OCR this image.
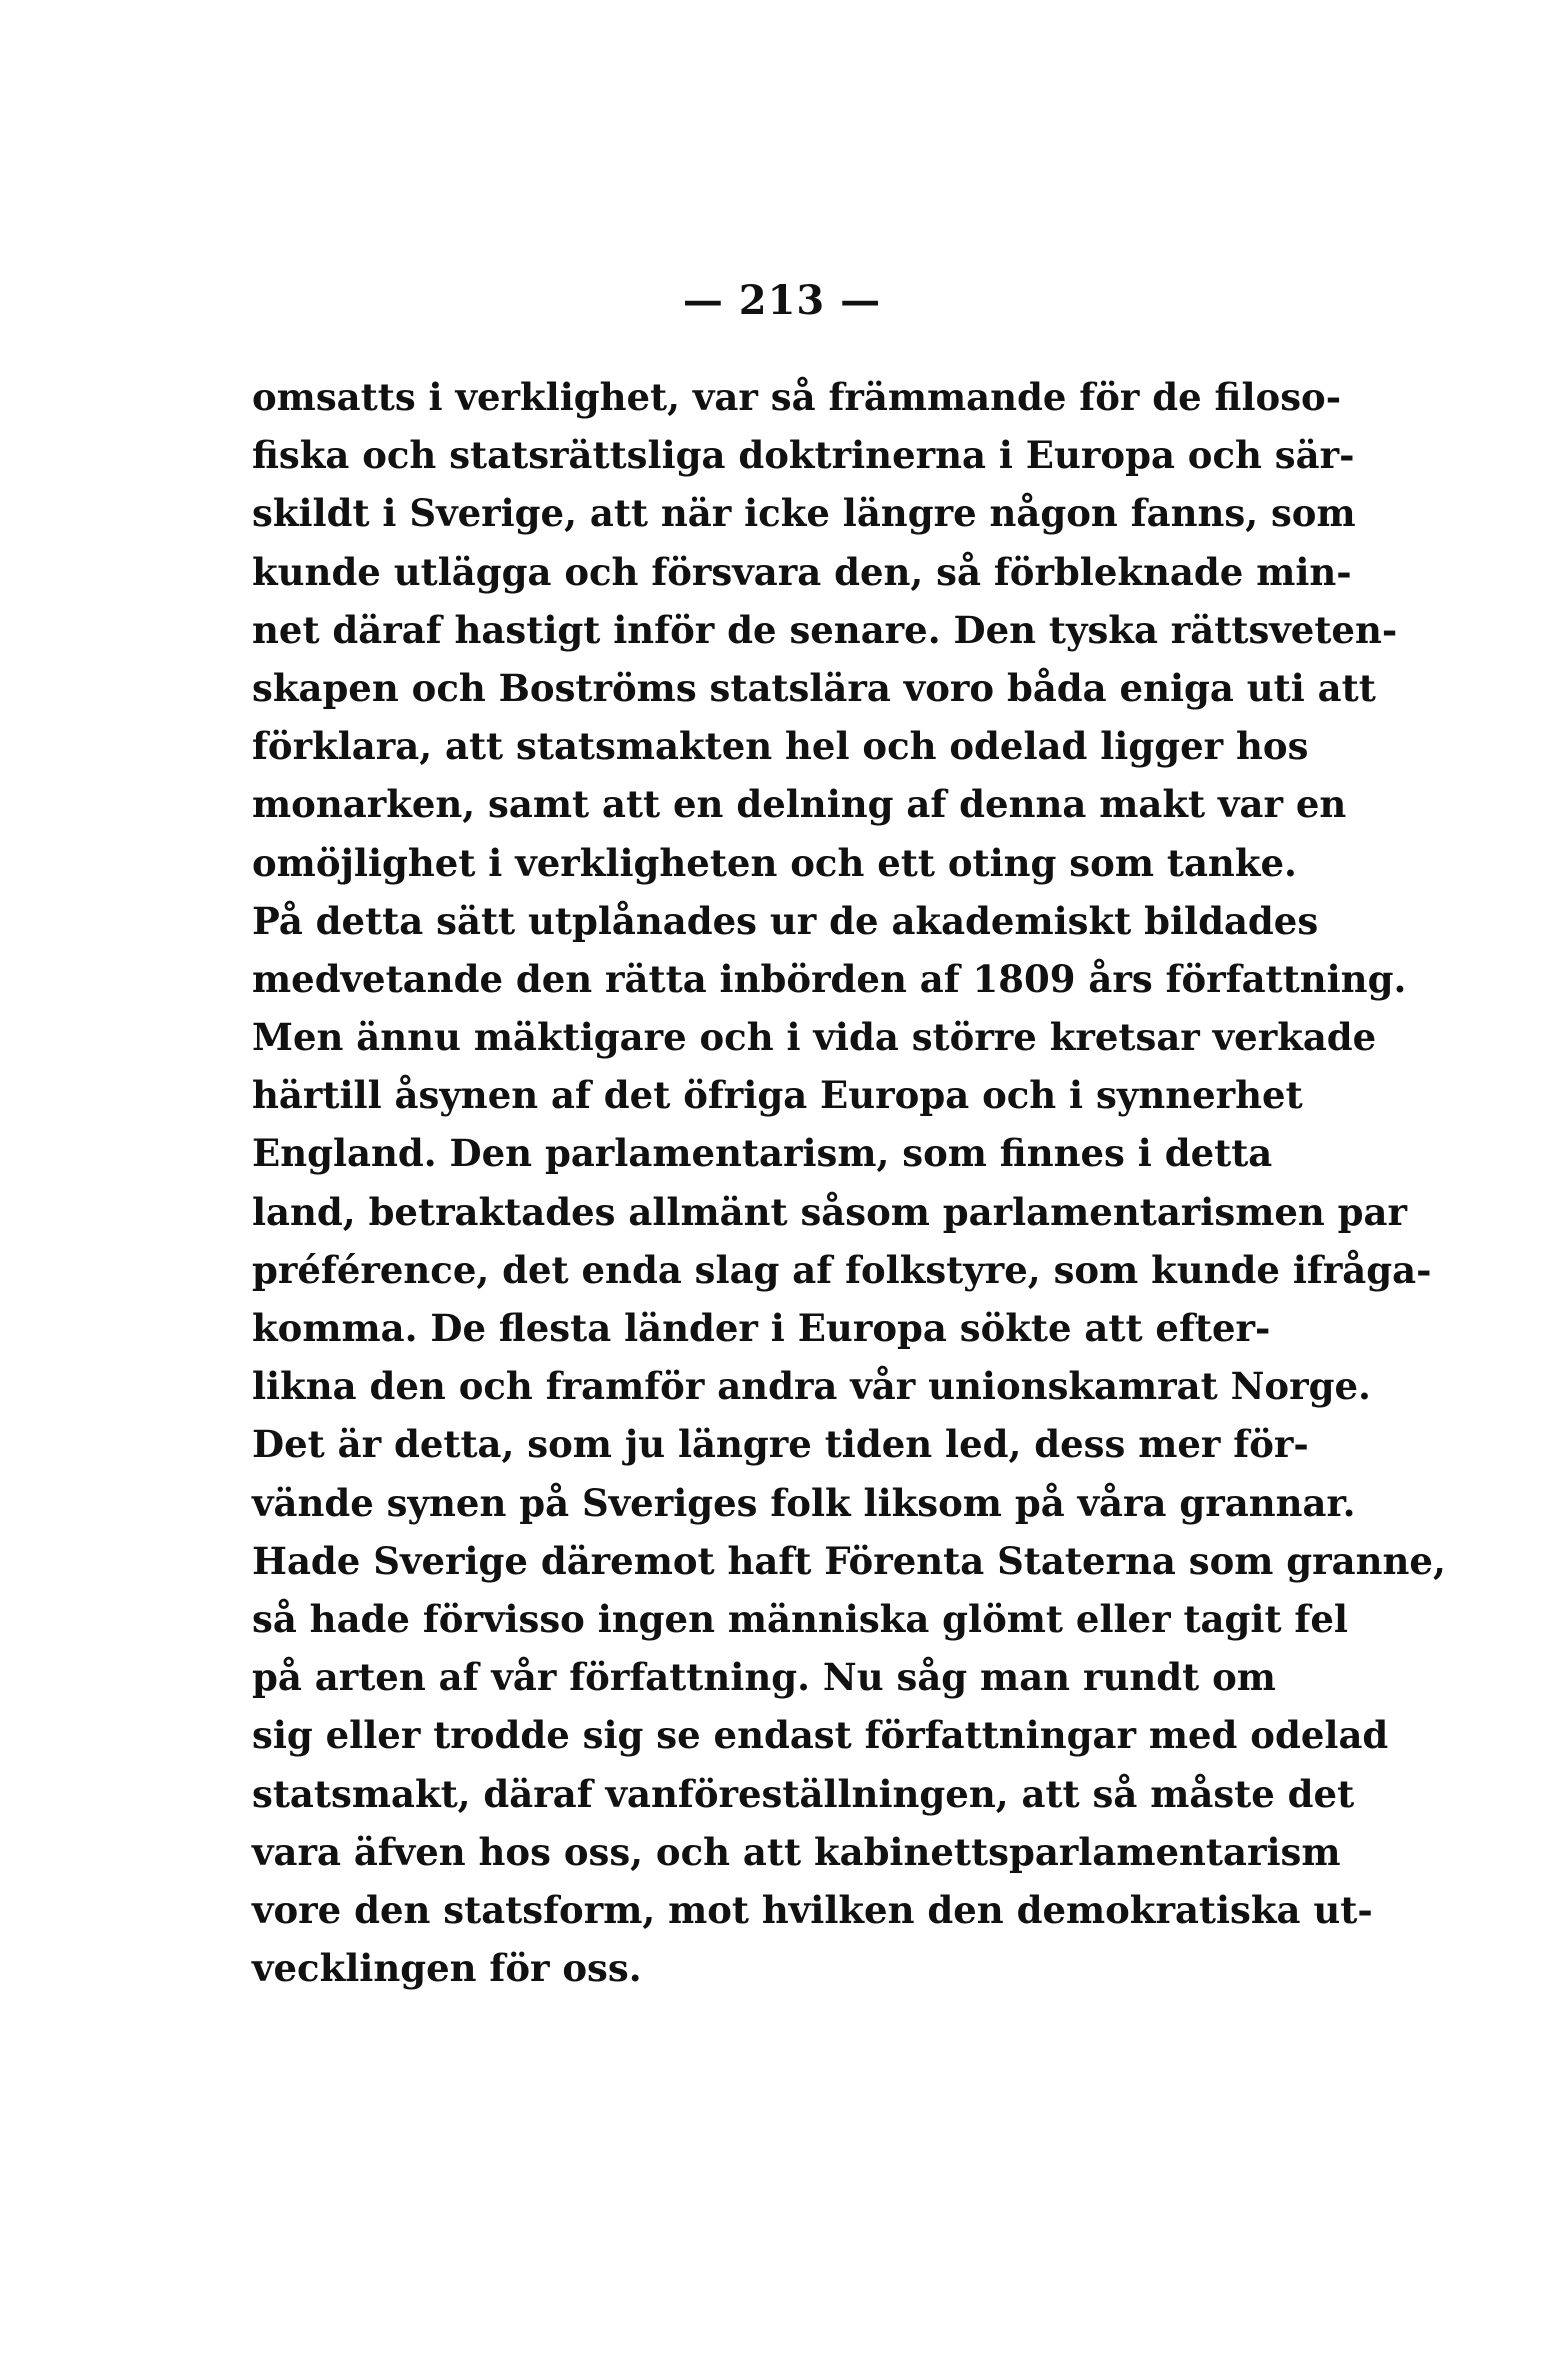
— 213 —
omsatts i verklighet, var så främmande för de filoso-
fiska och statsrättsliga doktrinerna i Europa och sär-
skildt i Sverige, att när icke längre någon fanns, som
kunde utlägga och försvara den, så förbleknade min-
net däraf hastigt inför de senare. Den tyska rättsveten-
skapen och Boströms statslära voro båda eniga uti att
förklara, att statsmakten hel och odelad ligger hos
monarken, samt att en delning af denna makt var en
omöjlighet i verkligheten och ett oting som tanke.
På detta sätt utplånades ur de akademiskt bildades
medvetande den rätta inbörden af 1809 års författning.
Men ännu mäktigare och i vida större kretsar verkade
härtill åsynen af det öfriga Europa och i synnerhet
England. Den parlamentarism, som finnes i detta
land, betraktades allmänt såsom parlamentarismen par
préférence, det enda slag af folkstyre, som kunde ifråga-
komma. De flesta länder i Europa sökte att efter-
likna den och framför andra vår unionskamrat Norge.
Det är detta, som ju längre tiden led, dess mer för-
vände synen på Sveriges folk liksom på våra grannar.
Hade Sverige däremot haft Förenta Staterna som granne,
så hade förvisso ingen människa glömt eller tagit fel
på arten af vår författning. Nu såg man rundt om
sig eller trodde sig se endast författningar med odelad
statsmakt, däraf vanföreställningen, att så måste det
vara äfven hos oss, och att kabinettsparlamentarism
vore den statsform, mot hvilken den demokratiska ut-
vecklingen för oss.
